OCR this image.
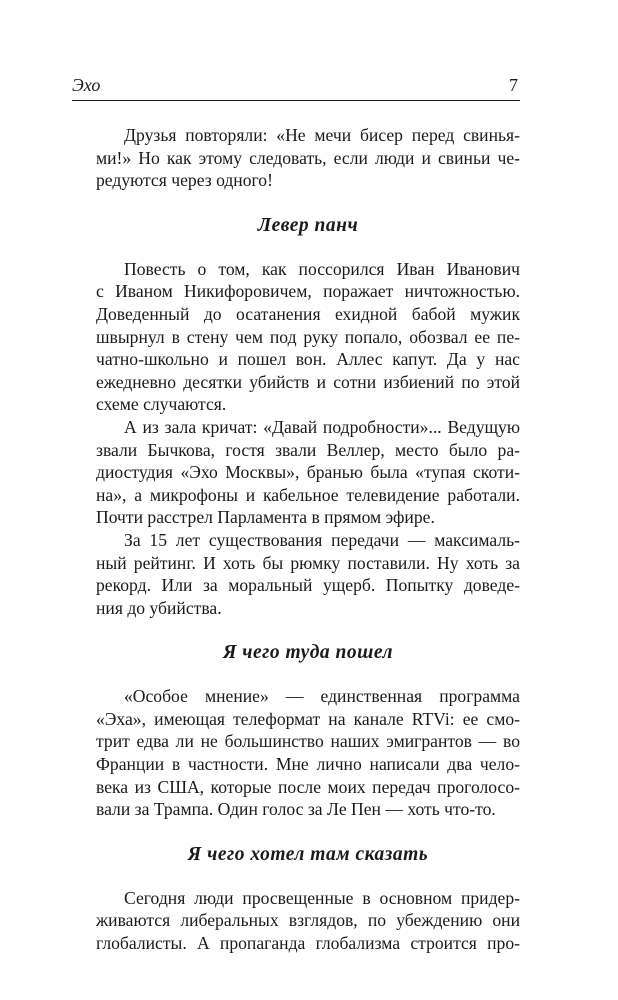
Эхо	7
Друзья повторяли: «Не мечи бисер перед свинья-
ми!» Но как этому следовать, если люди и свиньи че-
редуются через одного!
Левер панч
Повесть о том, как поссорился Иван Иванович
с Иваном Никифоровичем, поражает ничтожностью.
Доведенный до осатанения ехидной бабой мужик
швырнул в стену чем под руку попало, обозвал ее пе-
чатно-школьно и пошел вон. Аллес капут. Да у нас
ежедневно десятки убийств и сотни избиений по этой
схеме случаются.
А из зала кричат: «Давай подробности»... Ведущую
звали Бычкова, гостя звали Веллер, место было ра-
диостудия «Эхо Москвы», бранью была «тупая скоти-
на», а микрофоны и кабельное телевидение работали.
Почти расстрел Парламента в прямом эфире.
За 15 лет существования передачи — максималь-
ный рейтинг. И хоть бы рюмку поставили. Ну хоть за
рекорд. Или за моральный ущерб. Попытку доведе-
ния до убийства.
Я чего туда пошел
«Особое мнение» — единственная программа
«Эха», имеющая телеформат на канале RTVi: ее смо-
трит едва ли не большинство наших эмигрантов — во
Франции в частности. Мне лично написали два чело-
века из США, которые после моих передач проголосо-
вали за Трампа. Один голос за Ле Пен — хоть что-то.
Я чего хотел там сказать
Сегодня люди просвещенные в основном придер-
живаются либеральных взглядов, по убеждению они
глобалисты. А пропаганда глобализма строится про-
